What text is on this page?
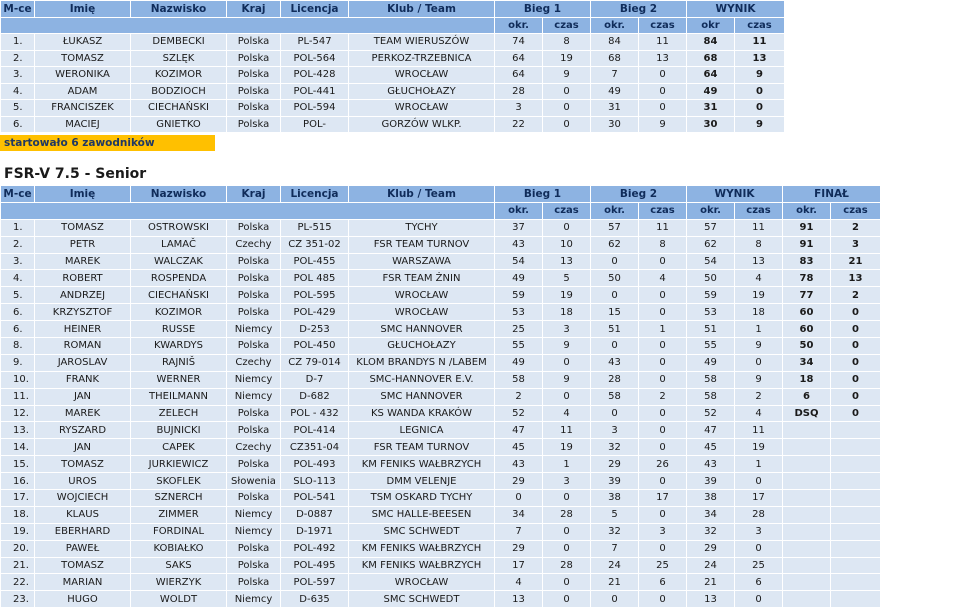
M-ce	Imię	Nazwisko	Kraj	Licencja	Klub / Team	Bieg 1		Bieg 2		WYNIK	
						okr.	czas	okr.	czas	okr	czas
1.	ŁUKASZ	DEMBECKI	Polska	PL-547	TEAM WIERUSZÓW	74	8	84	11	84	11
2.	TOMASZ	SZLĘK	Polska	POL-564	PERKOZ-TRZEBNICA	64	19	68	13	68	13
3.	WERONIKA	KOZIMOR	Polska	POL-428	WROCŁAW	64	9	7	0	64	9
4.	ADAM	BODZIOCH	Polska	POL-441	GŁUCHOŁAZY	28	0	49	0	49	0
5.	FRANCISZEK	CIECHAŃSKI	Polska	POL-594	WROCŁAW	3	0	31	0	31	0
6.	MACIEJ	GNIETKO	Polska	POL-	GORZÓW WLKP.	22	0	30	9	30	9
startowało 6 zawodników
FSR-V 7.5 - Senior
M-ce	Imię	Nazwisko	Kraj	Licencja	Klub / Team	Bieg 1		Bieg 2		WYNIK		FINAŁ	
						okr.	czas	okr.	czas	okr.	czas	okr.	czas
1.	TOMASZ	OSTROWSKI	Polska	PL-515	TYCHY	37	0	57	11	57	11	91	2
2.	PETR	LAMAČ	Czechy	CZ 351-02	FSR TEAM TURNOV	43	10	62	8	62	8	91	3
3.	MAREK	WALCZAK	Polska	POL-455	WARSZAWA	54	13	0	0	54	13	83	21
4.	ROBERT	ROSPENDA	Polska	POL 485	FSR TEAM ŻNIN	49	5	50	4	50	4	78	13
5.	ANDRZEJ	CIECHAŃSKI	Polska	POL-595	WROCŁAW	59	19	0	0	59	19	77	2
6.	KRZYSZTOF	KOZIMOR	Polska	POL-429	WROCŁAW	53	18	15	0	53	18	60	0
6.	HEINER	RUSSE	Niemcy	D-253	SMC HANNOVER	25	3	51	1	51	1	60	0
8.	ROMAN	KWARDYS	Polska	POL-450	GŁUCHOŁAZY	55	9	0	0	55	9	50	0
9.	JAROSLAV	RAJNIŠ	Czechy	CZ 79-014	KLOM BRANDYS N /LABEM	49	0	43	0	49	0	34	0
10.	FRANK	WERNER	Niemcy	D-7	SMC-HANNOVER E.V.	58	9	28	0	58	9	18	0
11.	JAN	THEILMANN	Niemcy	D-682	SMC HANNOVER	2	0	58	2	58	2	6	0
12.	MAREK	ZELECH	Polska	POL - 432	KS WANDA KRAKÓW	52	4	0	0	52	4	DSQ	0
13.	RYSZARD	BUJNICKI	Polska	POL-414	LEGNICA	47	11	3	0	47	11		
14.	JAN	CAPEK	Czechy	CZ351-04	FSR TEAM TURNOV	45	19	32	0	45	19		
15.	TOMASZ	JURKIEWICZ	Polska	POL-493	KM FENIKS WAŁBRZYCH	43	1	29	26	43	1		
16.	UROS	SKOFLEK	Słowenia	SLO-113	DMM VELENJE	29	3	39	0	39	0		
17.	WOJCIECH	SZNERCH	Polska	POL-541	TSM OSKARD TYCHY	0	0	38	17	38	17		
18.	KLAUS	ZIMMER	Niemcy	D-0887	SMC HALLE-BEESEN	34	28	5	0	34	28		
19.	EBERHARD	FORDINAL	Niemcy	D-1971	SMC SCHWEDT	7	0	32	3	32	3		
20.	PAWEŁ	KOBIAŁKO	Polska	POL-492	KM FENIKS WAŁBRZYCH	29	0	7	0	29	0		
21.	TOMASZ	SAKS	Polska	POL-495	KM FENIKS WAŁBRZYCH	17	28	24	25	24	25		
22.	MARIAN	WIERZYK	Polska	POL-597	WROCŁAW	4	0	21	6	21	6		
23.	HUGO	WOLDT	Niemcy	D-635	SMC SCHWEDT	13	0	0	0	13	0		
